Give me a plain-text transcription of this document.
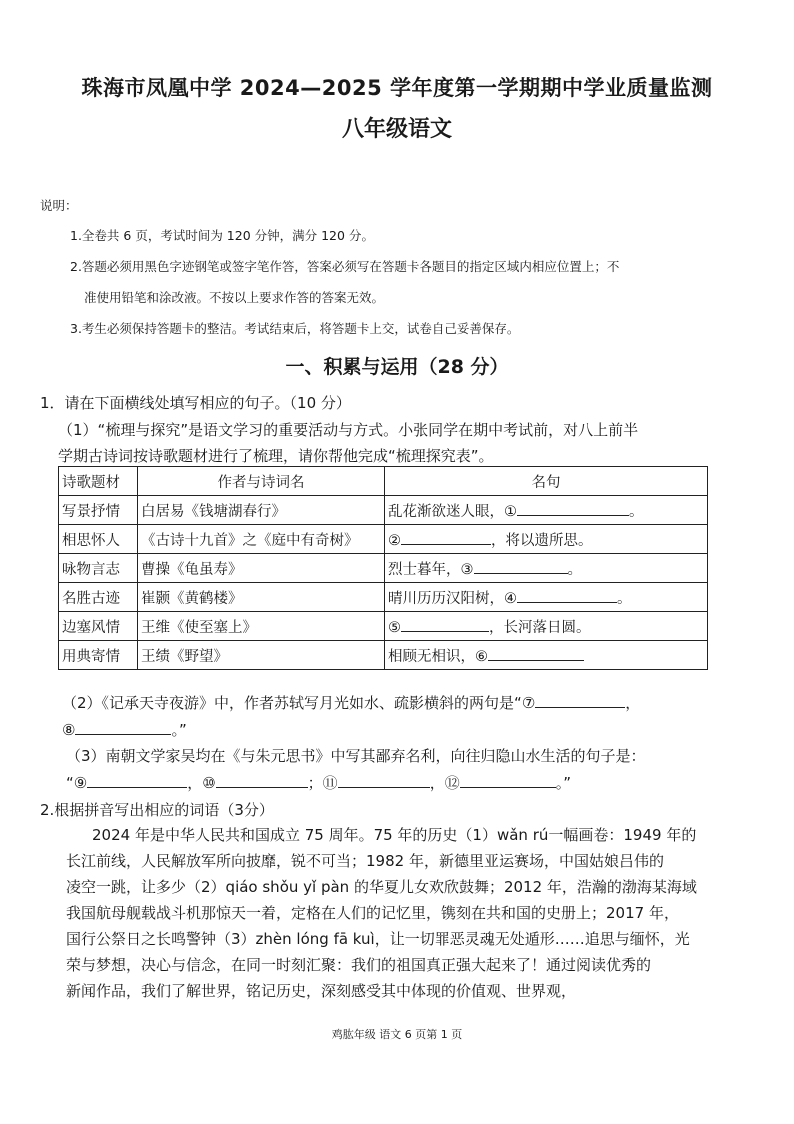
珠海市凤凰中学 2024—2025 学年度第一学期期中学业质量监测
八年级语文
说明：
1.全卷共 6 页，考试时间为 120 分钟，满分 120 分。
2.答题必须用黑色字迹钢笔或签字笔作答，答案必须写在答题卡各题目的指定区域内相应位置上；不
准使用铅笔和涂改液。不按以上要求作答的答案无效。
3.考生必须保持答题卡的整洁。考试结束后，将答题卡上交，试卷自己妥善保存。
一、积累与运用（28 分）
1．请在下面横线处填写相应的句子。（10 分）
（1）“梳理与探究”是语文学习的重要活动与方式。小张同学在期中考试前，对八上前半
学期古诗词按诗歌题材进行了梳理，请你帮他完成“梳理探究表”。
诗歌题材	作者与诗词名	名句
写景抒情	白居易《钱塘湖春行》	乱花渐欲迷人眼，① 。
相思怀人	《古诗十九首》之《庭中有奇树》	② ，将以遗所思。
咏物言志	曹操《龟虽寿》	烈士暮年，③ 。
名胜古迹	崔颢《黄鹤楼》	晴川历历汉阳树，④ 。
边塞风情	王维《使至塞上》	⑤ ，长河落日圆。
用典寄情	王绩《野望》	相顾无相识，⑥
（2）《记承天寺夜游》中，作者苏轼写月光如水、疏影横斜的两句是“⑦	，
⑧	。”
（3）南朝文学家吴均在《与朱元思书》中写其鄙弃名利，向往归隐山水生活的句子是：
“⑨	，⑩	；⑪	，⑫	。”
2.根据拼音写出相应的词语（3分）
2024 年是中华人民共和国成立 75 周年。75 年的历史（1）wǎn rú一幅画卷：1949 年的
长江前线，人民解放军所向披靡，锐不可当；1982 年，新德里亚运赛场，中国姑娘吕伟的
凌空一跳，让多少（2）qiáo shǒu yǐ pàn 的华夏儿女欢欣鼓舞；2012 年，浩瀚的渤海某海域
我国航母舰载战斗机那惊天一着，定格在人们的记忆里，镌刻在共和国的史册上；2017 年，
国行公祭日之长鸣警钟（3）zhèn lóng fā kuì，让一切罪恶灵魂无处遁形……追思与缅怀，光
荣与梦想，决心与信念，在同一时刻汇聚：我们的祖国真正强大起来了！通过阅读优秀的
新闻作品，我们了解世界，铭记历史，深刻感受其中体现的价值观、世界观，
鸡肱年级 语文 6 页第 1 页
